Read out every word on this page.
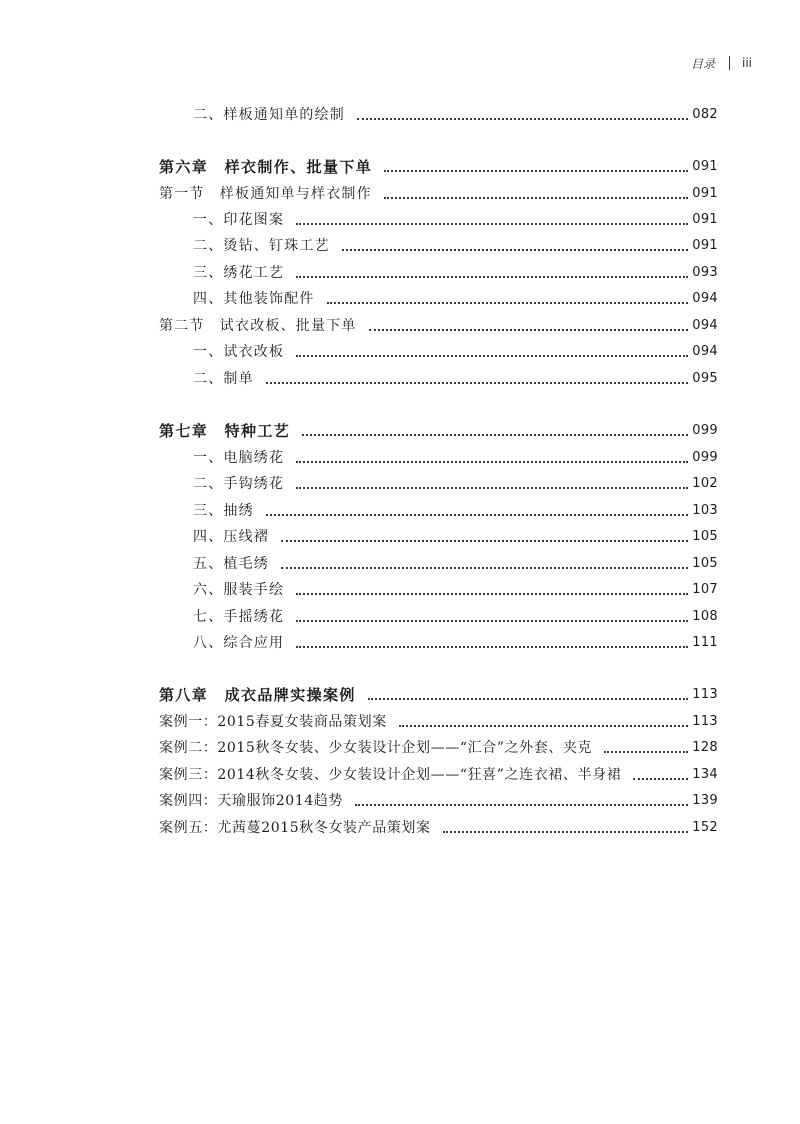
目录 iii
二、样板通知单的绘制	082
第六章　样衣制作、批量下单	091
第一节　样板通知单与样衣制作	091
一、印花图案	091
二、烫钻、钉珠工艺	091
三、绣花工艺	093
四、其他装饰配件	094
第二节　试衣改板、批量下单	094
一、试衣改板	094
二、制单	095
第七章　特种工艺	099
一、电脑绣花	099
二、手钩绣花	102
三、抽绣	103
四、压线褶	105
五、植毛绣	105
六、服装手绘	107
七、手摇绣花	108
八、综合应用	111
第八章　成衣品牌实操案例	113
案例一：2015春夏女装商品策划案	113
案例二：2015秋冬女装、少女装设计企划——“汇合”之外套、夹克	128
案例三：2014秋冬女装、少女装设计企划——“狂喜”之连衣裙、半身裙	134
案例四：天瑜服饰2014趋势	139
案例五：尤茜蔓2015秋冬女装产品策划案	152
